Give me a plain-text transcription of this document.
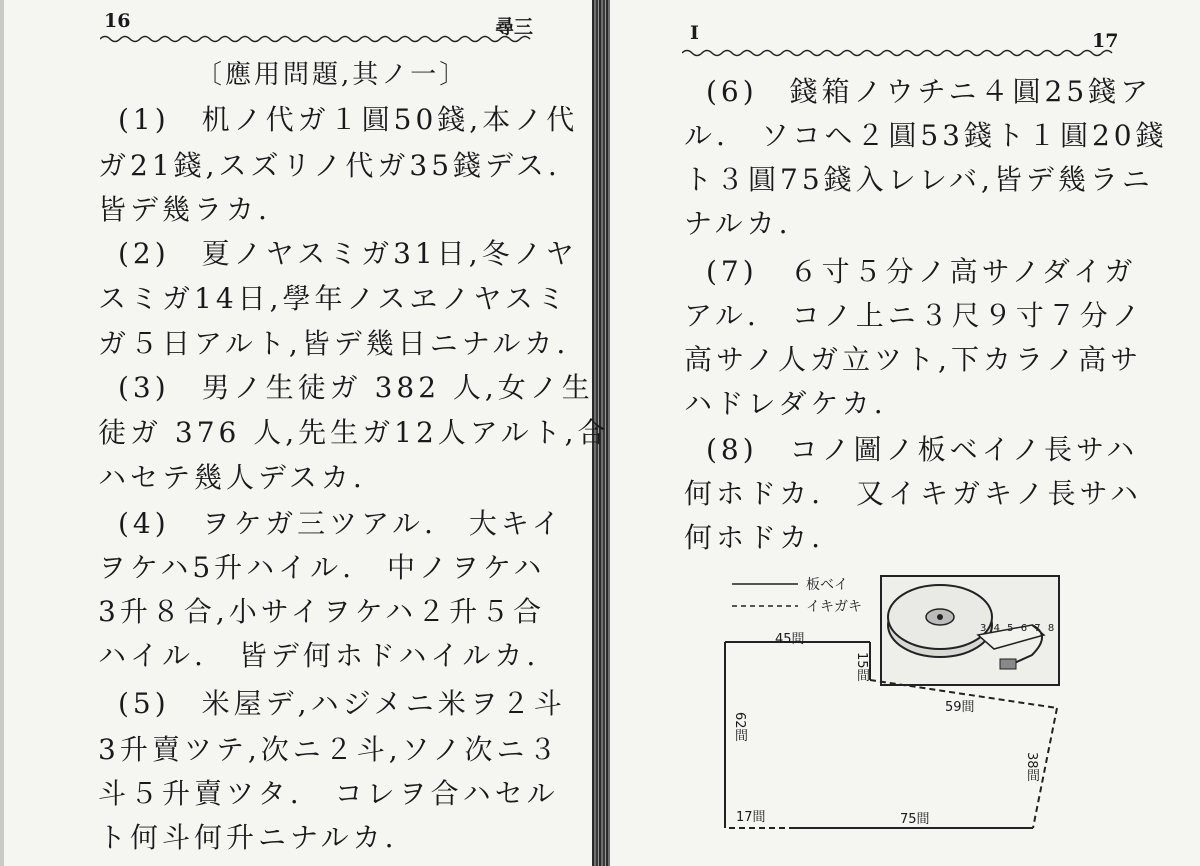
16	尋三
〔應用問題,其ノ一〕
(1)　机ノ代ガ１圓50錢,本ノ代
ガ21錢,スズリノ代ガ35錢デス.
皆デ幾ラカ.
(2)　夏ノヤスミガ31日,冬ノヤ
スミガ14日,學年ノスヱノヤスミ
ガ５日アルト,皆デ幾日ニナルカ.
(3)　男ノ生徒ガ 382 人,女ノ生
徒ガ 376 人,先生ガ12人アルト,合
ハセテ幾人デスカ.
(4)　ヲケガ三ツアル.　大キイ
ヲケハ5升ハイル.　中ノヲケハ
3升８合,小サイヲケハ２升５合
ハイル.　皆デ何ホドハイルカ.
(5)　米屋デ,ハジメニ米ヲ２斗
3升賣ツテ,次ニ２斗,ソノ次ニ３
斗５升賣ツタ.　コレヲ合ハセル
ト何斗何升ニナルカ.
I	17
(6)　錢箱ノウチニ４圓25錢ア
ル.　ソコヘ２圓53錢ト１圓20錢
ト３圓75錢入レレバ,皆デ幾ラニ
ナルカ.
(7)　６寸５分ノ高サノダイガ
アル.　コノ上ニ３尺９寸７分ノ
高サノ人ガ立ツト,下カラノ高サ
ハドレダケカ.
(8)　コノ圖ノ板ベイノ長サハ
何ホドカ.　又イキガキノ長サハ
何ホドカ.
板ベイ
イキガキ
3 4 5 6 7 8
45間
15間
59間
62間
38間
17間	75間
